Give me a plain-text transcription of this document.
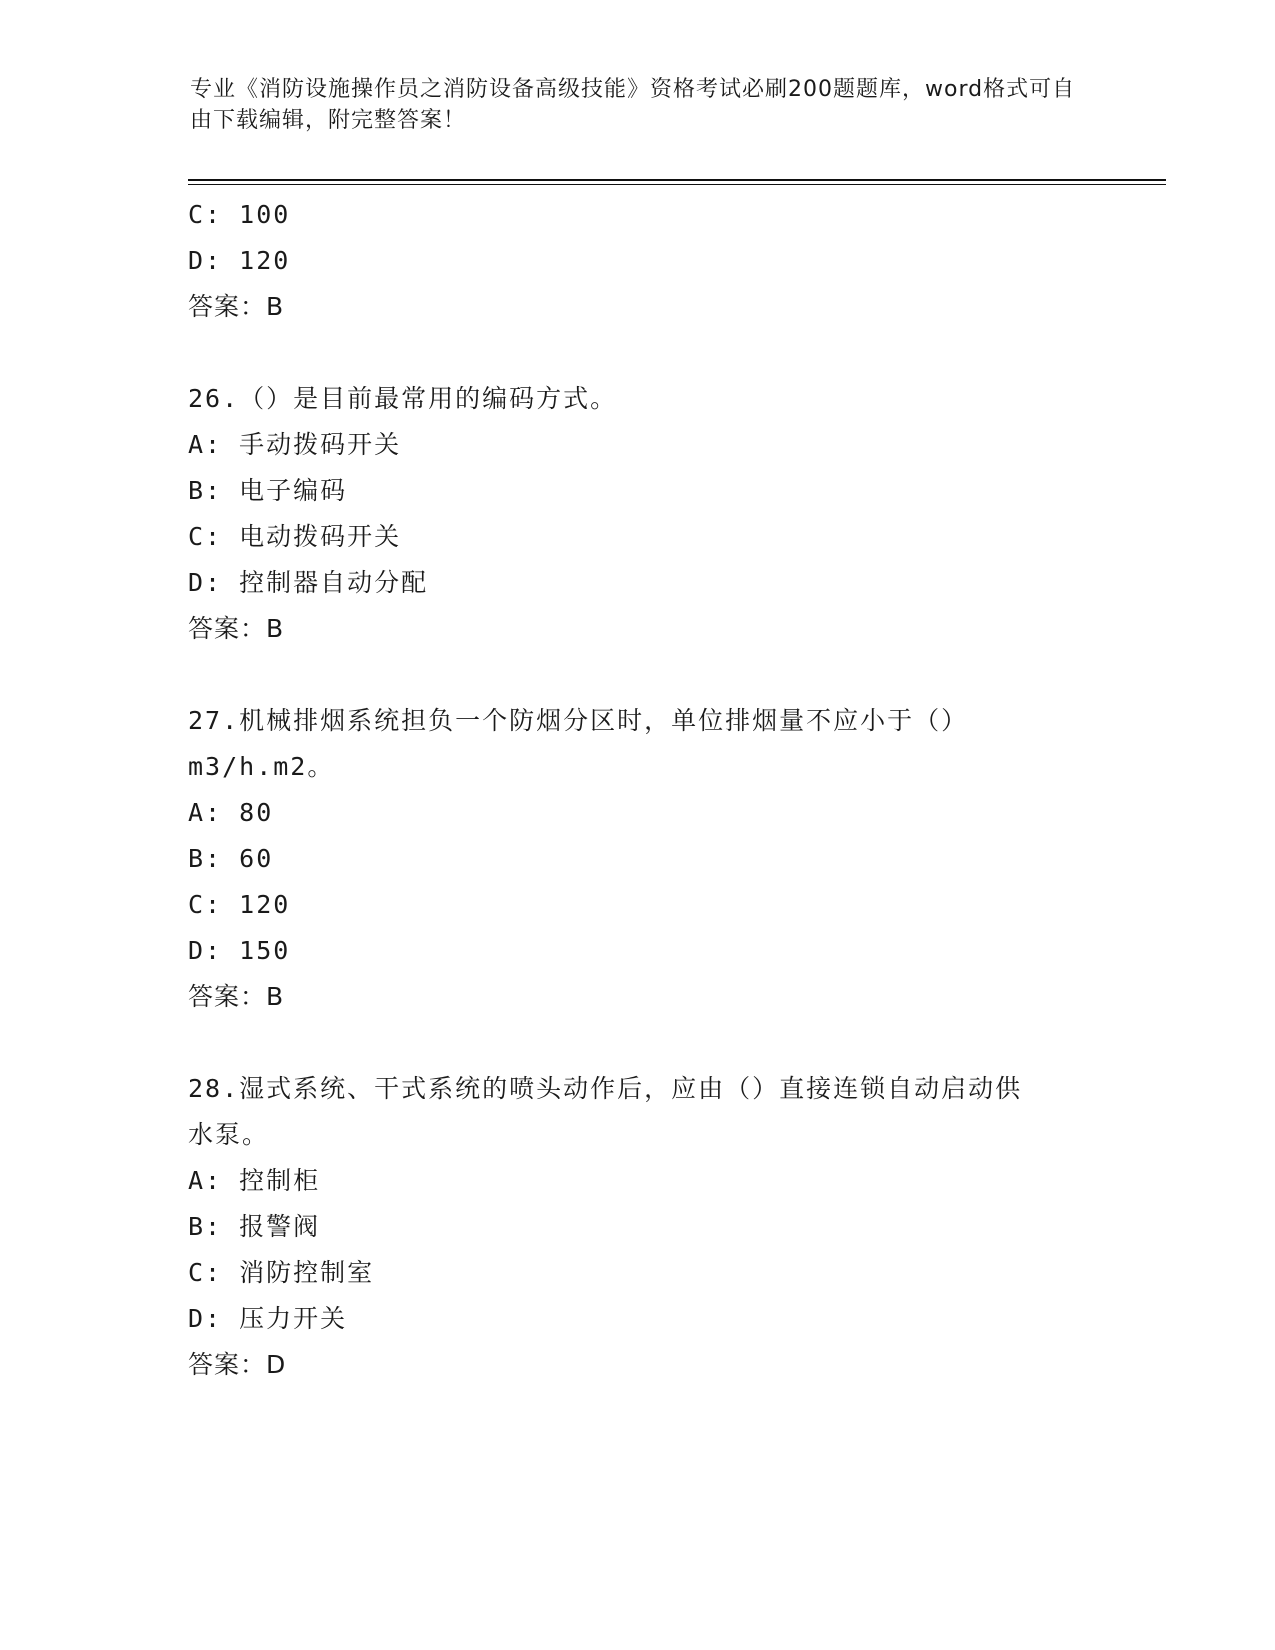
专业《消防设施操作员之消防设备高级技能》资格考试必刷200题题库，word格式可自由下载编辑，附完整答案！
C: 100
D: 120
答案：B
26.（）是目前最常用的编码方式。
A: 手动拨码开关
B: 电子编码
C: 电动拨码开关
D: 控制器自动分配
答案：B
27.机械排烟系统担负一个防烟分区时，单位排烟量不应小于（）
m3/h.m2。
A: 80
B: 60
C: 120
D: 150
答案：B
28.湿式系统、干式系统的喷头动作后，应由（）直接连锁自动启动供
水泵。
A: 控制柜
B: 报警阀
C: 消防控制室
D: 压力开关
答案：D
